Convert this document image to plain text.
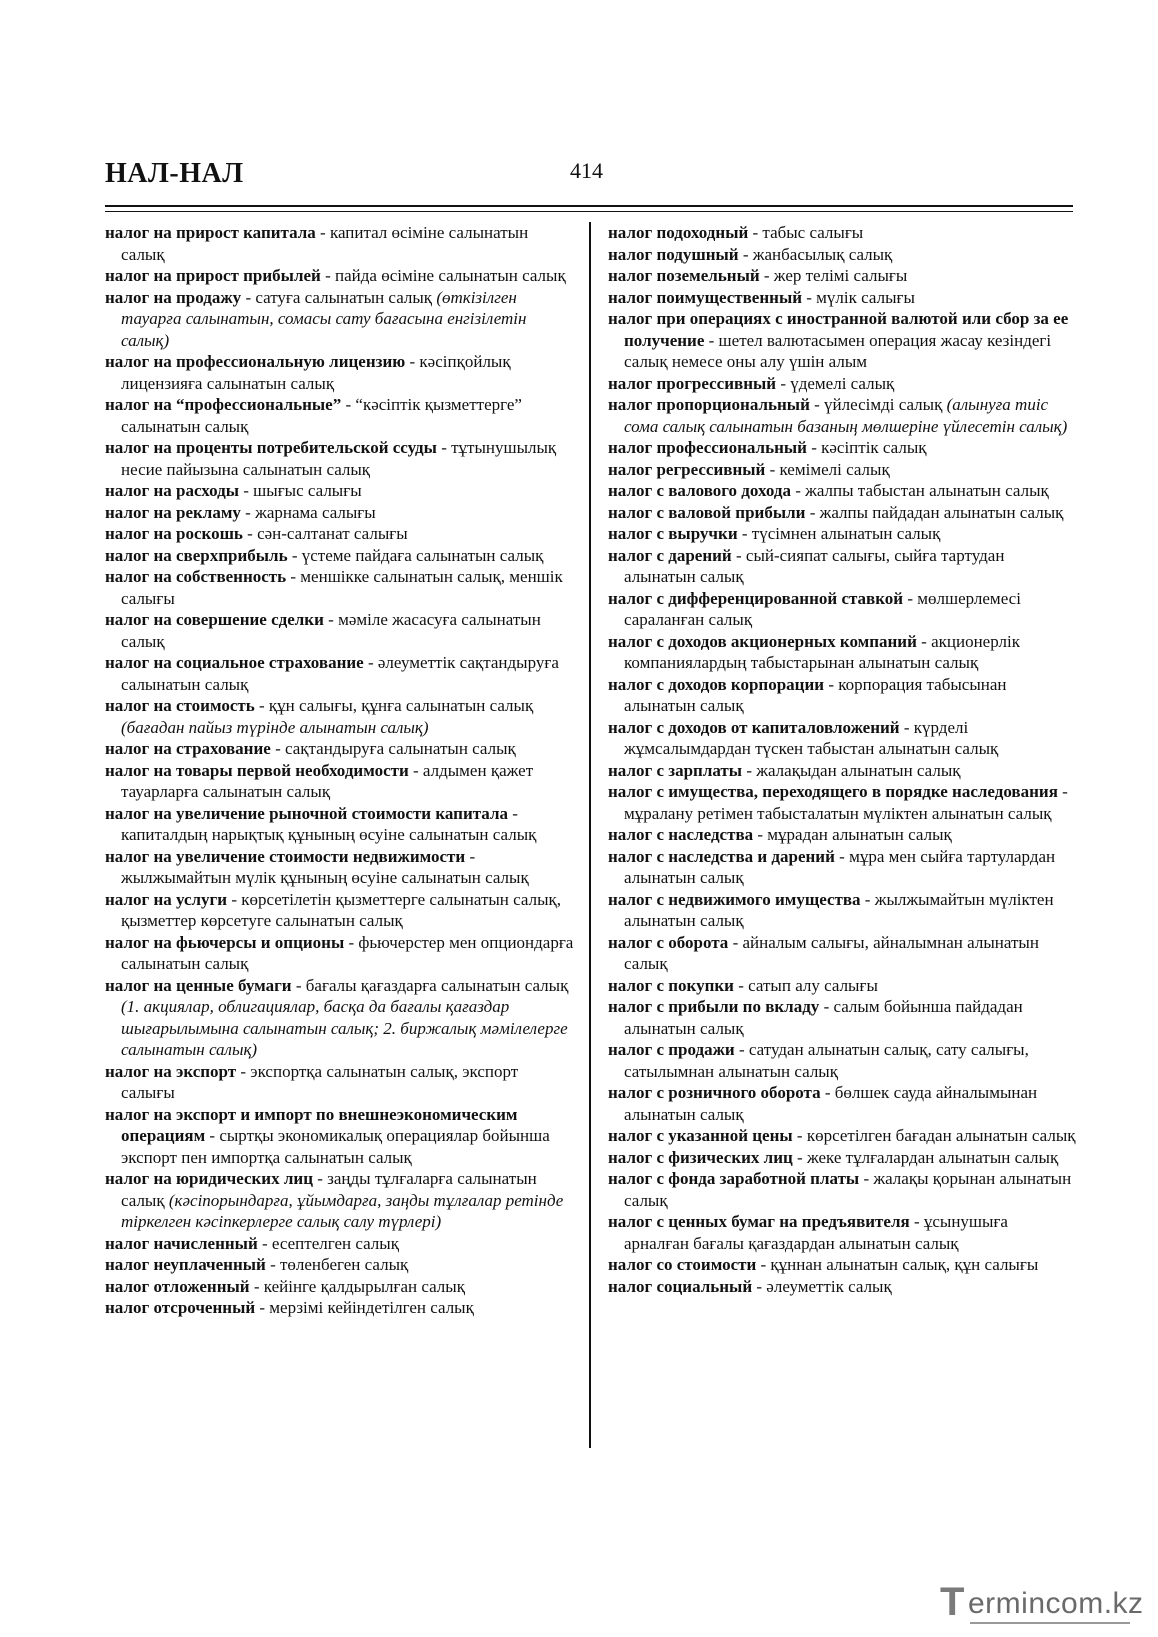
НАЛ-НАЛ	414
налог на прирост капитала - капитал өсіміне салынатын салық
налог на прирост прибылей - пайда өсіміне салынатын салық
налог на продажу - сатуға салынатын салық (өткізілген тауарға салынатын, сомасы сату бағасына енгізілетін салық)
налог на профессиональную лицензию - кәсіпқойлық лицензияға салынатын салық
налог на “профессиональные” - “кәсіптік қызметтерге” салынатын салық
налог на проценты потребительской ссуды - тұтынушылық несие пайызына салынатын салық
налог на расходы - шығыс салығы
налог на рекламу - жарнама салығы
налог на роскошь - сән-салтанат салығы
налог на сверхприбыль - үстеме пайдаға салынатын салық
налог на собственность - меншікке салынатын салық, меншік салығы
налог на совершение сделки - мәміле жасасуға салынатын салық
налог на социальное страхование - әлеуметтік сақтандыруға салынатын салық
налог на стоимость - құн салығы, құнға салынатын салық (бағадан пайыз түрінде алынатын салық)
налог на страхование - сақтандыруға салынатын салық
налог на товары первой необходимости - алдымен қажет тауарларға салынатын салық
налог на увеличение рыночной стоимости капитала - капиталдың нарықтық құнының өсуіне салынатын салық
налог на увеличение стоимости недвижимости - жылжымайтын мүлік құнының өсуіне салынатын салық
налог на услуги - көрсетілетін қызметтерге салынатын салық, қызметтер көрсетуге салынатын салық
налог на фьючерсы и опционы - фьючерстер мен опциондарға салынатын салық
налог на ценные бумаги - бағалы қағаздарға салынатын салық (1. акциялар, облигациялар, басқа да бағалы қағаздар шығарылымына салынатын салық; 2. биржалық мәмілелерге салынатын салық)
налог на экспорт - экспортқа салынатын салық, экспорт салығы
налог на экспорт и импорт по внешнеэкономическим операциям - сыртқы экономикалық операциялар бойынша экспорт пен импортқа салынатын салық
налог на юридических лиц - заңды тұлғаларға салынатын салық (кәсіпорындарға, ұйымдарға, заңды тұлғалар ретінде тіркелген кәсіпкерлерге салық салу түрлері)
налог начисленный - есептелген салық
налог неуплаченный - төленбеген салық
налог отложенный - кейінге қалдырылған салық
налог отсроченный - мерзімі кейіндетілген салық
налог подоходный - табыс салығы
налог подушный - жанбасылық салық
налог поземельный - жер телімі салығы
налог поимущественный - мүлік салығы
налог при операциях с иностранной валютой или сбор за ее получение - шетел валютасымен операция жасау кезіндегі салық немесе оны алу үшін алым
налог прогрессивный - үдемелі салық
налог пропорциональный - үйлесімді салық (алынуға тиіс сома салық салынатын базаның мөлшеріне үйлесетін салық)
налог профессиональный - кәсіптік салық
налог регрессивный - кемімелі салық
налог с валового дохода - жалпы табыстан алынатын салық
налог с валовой прибыли - жалпы пайдадан алынатын салық
налог с выручки - түсімнен алынатын салық
налог с дарений - сый-сияпат салығы, сыйға тартудан алынатын салық
налог с дифференцированной ставкой - мөлшерлемесі сараланған салық
налог с доходов акционерных компаний - акционерлік компаниялардың табыстарынан алынатын салық
налог с доходов корпорации - корпорация табысынан алынатын салық
налог с доходов от капиталовложений - күрделі жұмсалымдардан түскен табыстан алынатын салық
налог с зарплаты - жалақыдан алынатын салық
налог с имущества, переходящего в порядке наследования - мұралану ретімен табысталатын мүліктен алынатын салық
налог с наследства - мұрадан алынатын салық
налог с наследства и дарений - мұра мен сыйға тартулардан алынатын салық
налог с недвижимого имущества - жылжымайтын мүліктен алынатын салық
налог с оборота - айналым салығы, айналымнан алынатын салық
налог с покупки - сатып алу салығы
налог с прибыли по вкладу - салым бойынша пайдадан алынатын салық
налог с продажи - сатудан алынатын салық, сату салығы, сатылымнан алынатын салық
налог с розничного оборота - бөлшек сауда айналымынан алынатын салық
налог с указанной цены - көрсетілген бағадан алынатын салық
налог с физических лиц - жеке тұлғалардан алынатын салық
налог с фонда заработной платы - жалақы қорынан алынатын салық
налог с ценных бумаг на предъявителя - ұсынушыға арналған бағалы қағаздардан алынатын салық
налог со стоимости - құннан алынатын салық, құн салығы
налог социальный - әлеуметтік салық
T ermincom.kz
